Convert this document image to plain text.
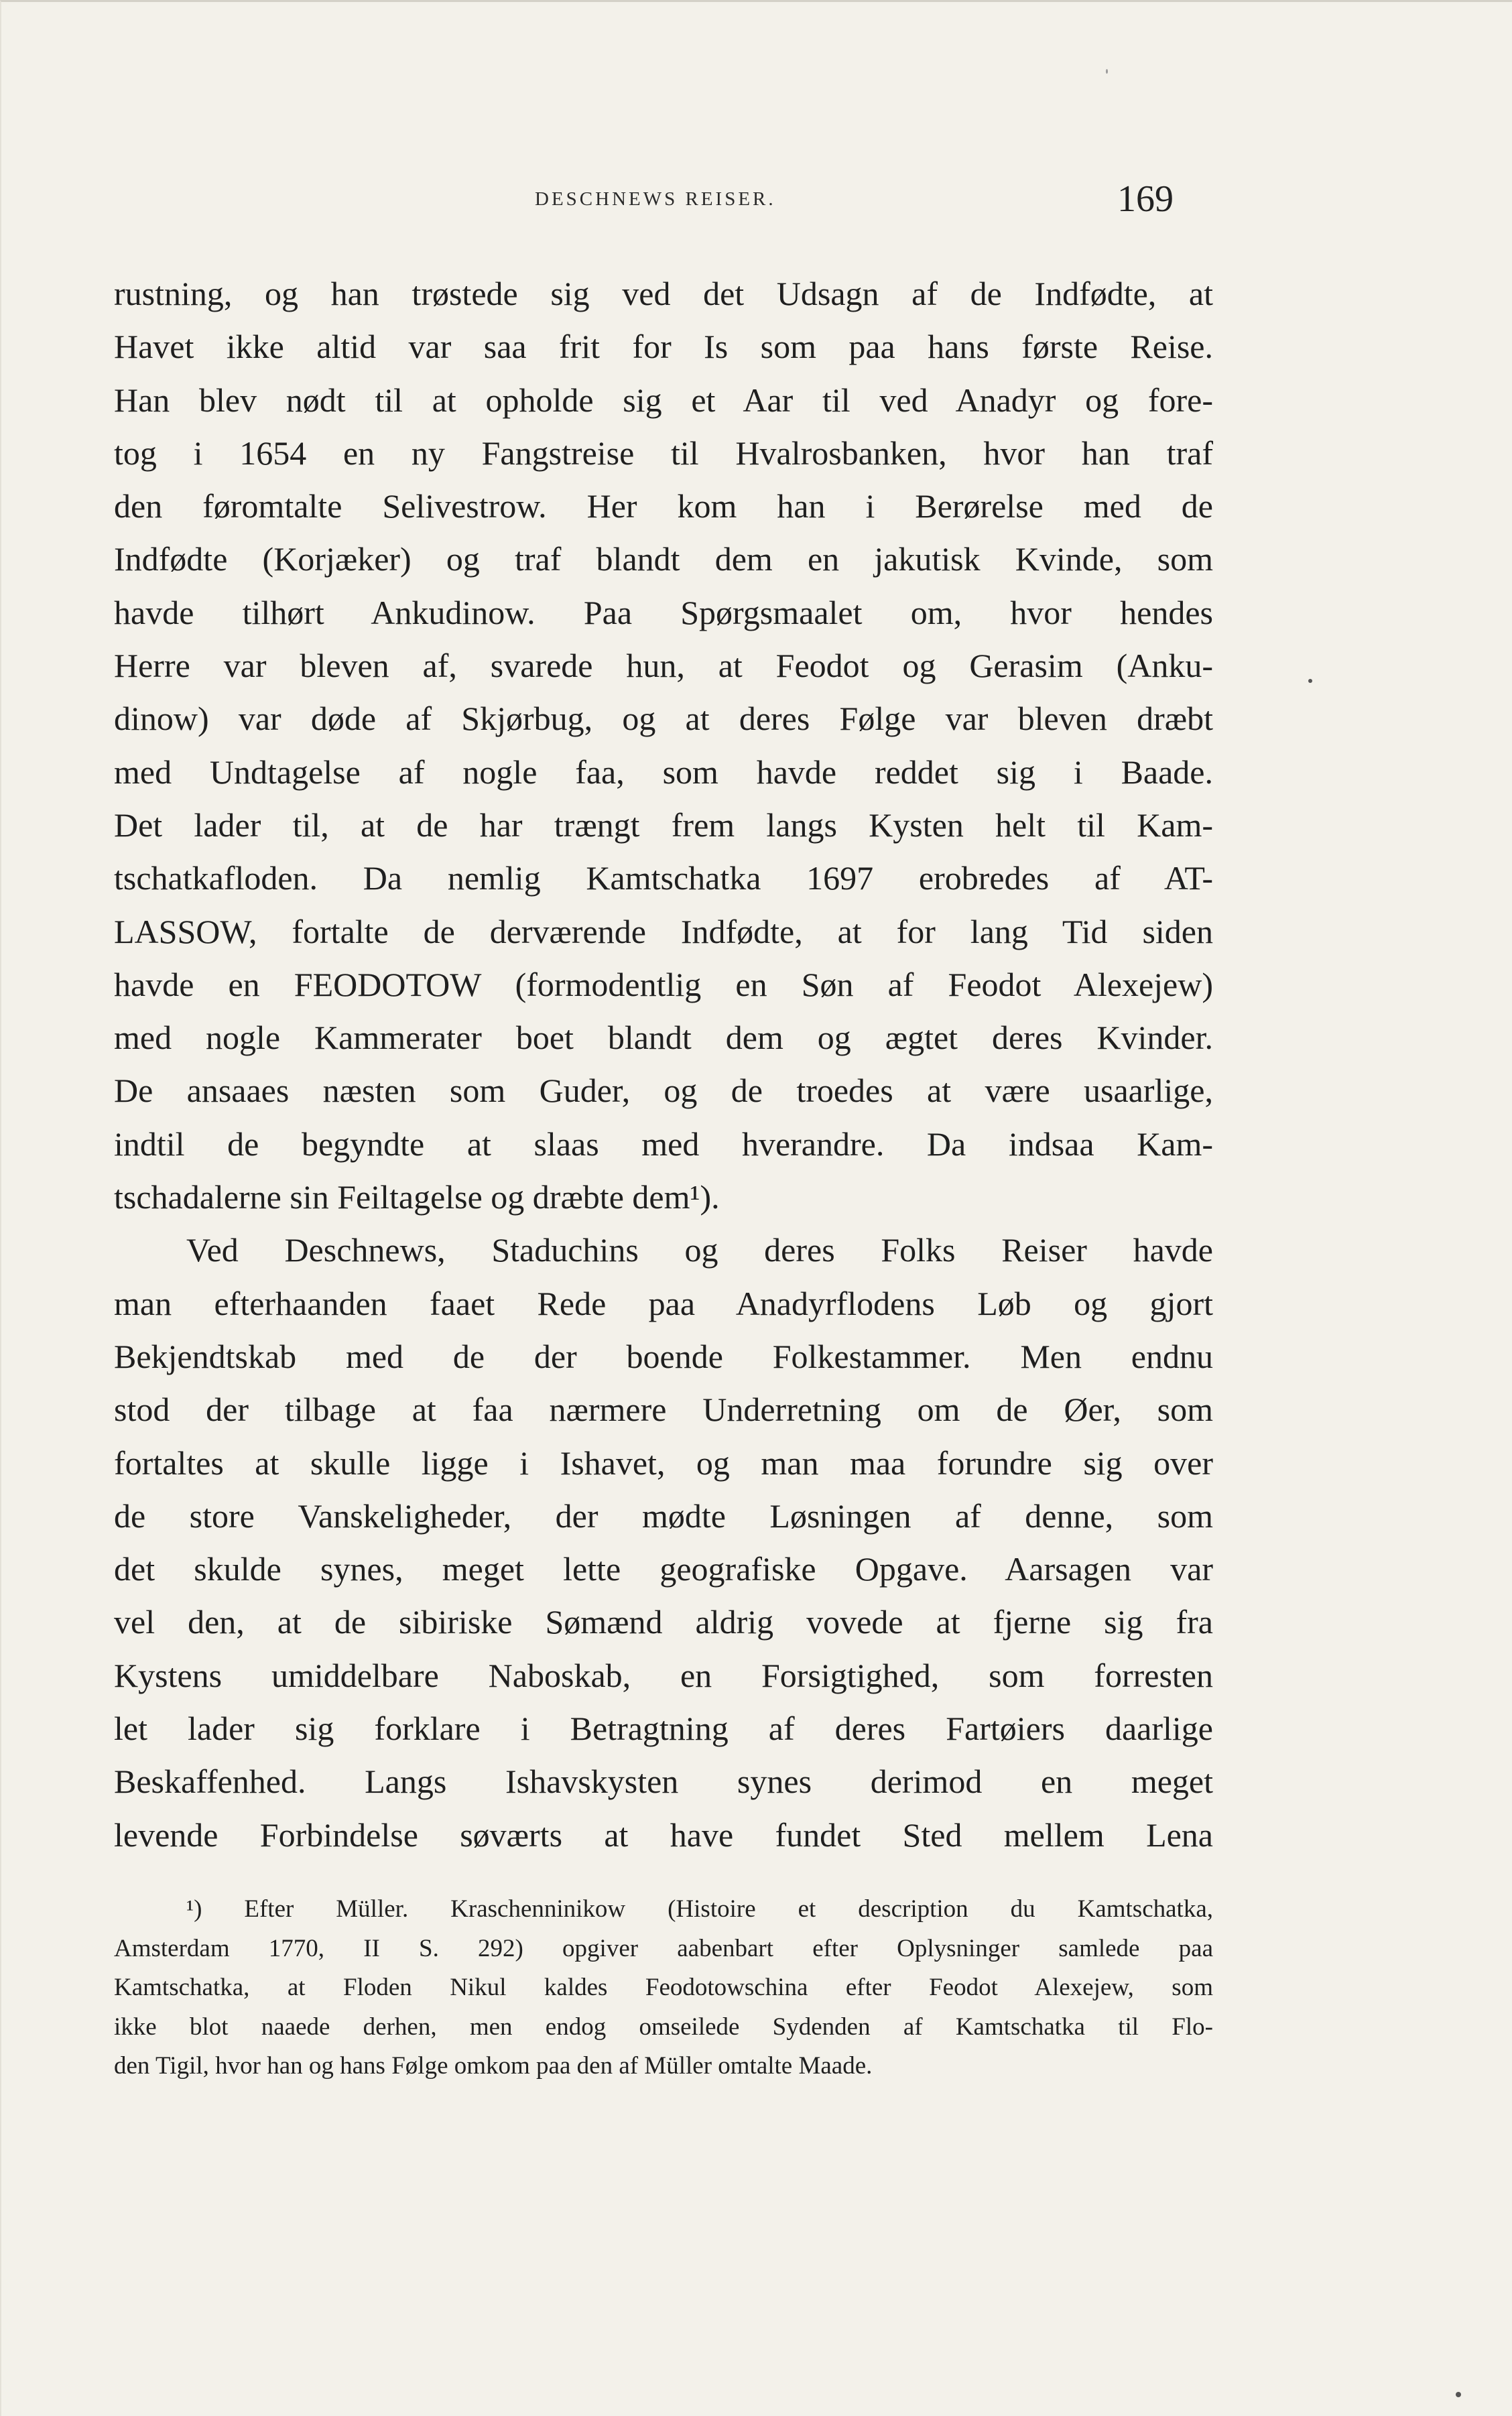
DESCHNEWS REISER.	169
rustning, og han trøstede sig ved det Udsagn af de Indfødte, at
Havet ikke altid var saa frit for Is som paa hans første Reise.
Han blev nødt til at opholde sig et Aar til ved Anadyr og fore-
tog i 1654 en ny Fangstreise til Hvalrosbanken, hvor han traf
den føromtalte Selivestrow. Her kom han i Berørelse med de
Indfødte (Korjæker) og traf blandt dem en jakutisk Kvinde, som
havde tilhørt Ankudinow. Paa Spørgsmaalet om, hvor hendes
Herre var bleven af, svarede hun, at Feodot og Gerasim (Anku-
dinow) var døde af Skjørbug, og at deres Følge var bleven dræbt
med Undtagelse af nogle faa, som havde reddet sig i Baade.
Det lader til, at de har trængt frem langs Kysten helt til Kam-
tschatkafloden. Da nemlig Kamtschatka 1697 erobredes af AT-
LASSOW, fortalte de derværende Indfødte, at for lang Tid siden
havde en FEODOTOW (formodentlig en Søn af Feodot Alexejew)
med nogle Kammerater boet blandt dem og ægtet deres Kvinder.
De ansaaes næsten som Guder, og de troedes at være usaarlige,
indtil de begyndte at slaas med hverandre. Da indsaa Kam-
tschadalerne sin Feiltagelse og dræbte dem¹).
Ved Deschnews, Staduchins og deres Folks Reiser havde
man efterhaanden faaet Rede paa Anadyrflodens Løb og gjort
Bekjendtskab med de der boende Folkestammer. Men endnu
stod der tilbage at faa nærmere Underretning om de Øer, som
fortaltes at skulle ligge i Ishavet, og man maa forundre sig over
de store Vanskeligheder, der mødte Løsningen af denne, som
det skulde synes, meget lette geografiske Opgave. Aarsagen var
vel den, at de sibiriske Sømænd aldrig vovede at fjerne sig fra
Kystens umiddelbare Naboskab, en Forsigtighed, som forresten
let lader sig forklare i Betragtning af deres Fartøiers daarlige
Beskaffenhed. Langs Ishavskysten synes derimod en meget
levende Forbindelse søværts at have fundet Sted mellem Lena
¹) Efter Müller. Kraschenninikow (Histoire et description du Kamtschatka,
Amsterdam 1770, II S. 292) opgiver aabenbart efter Oplysninger samlede paa
Kamtschatka, at Floden Nikul kaldes Feodotowschina efter Feodot Alexejew, som
ikke blot naaede derhen, men endog omseilede Sydenden af Kamtschatka til Flo-
den Tigil, hvor han og hans Følge omkom paa den af Müller omtalte Maade.
